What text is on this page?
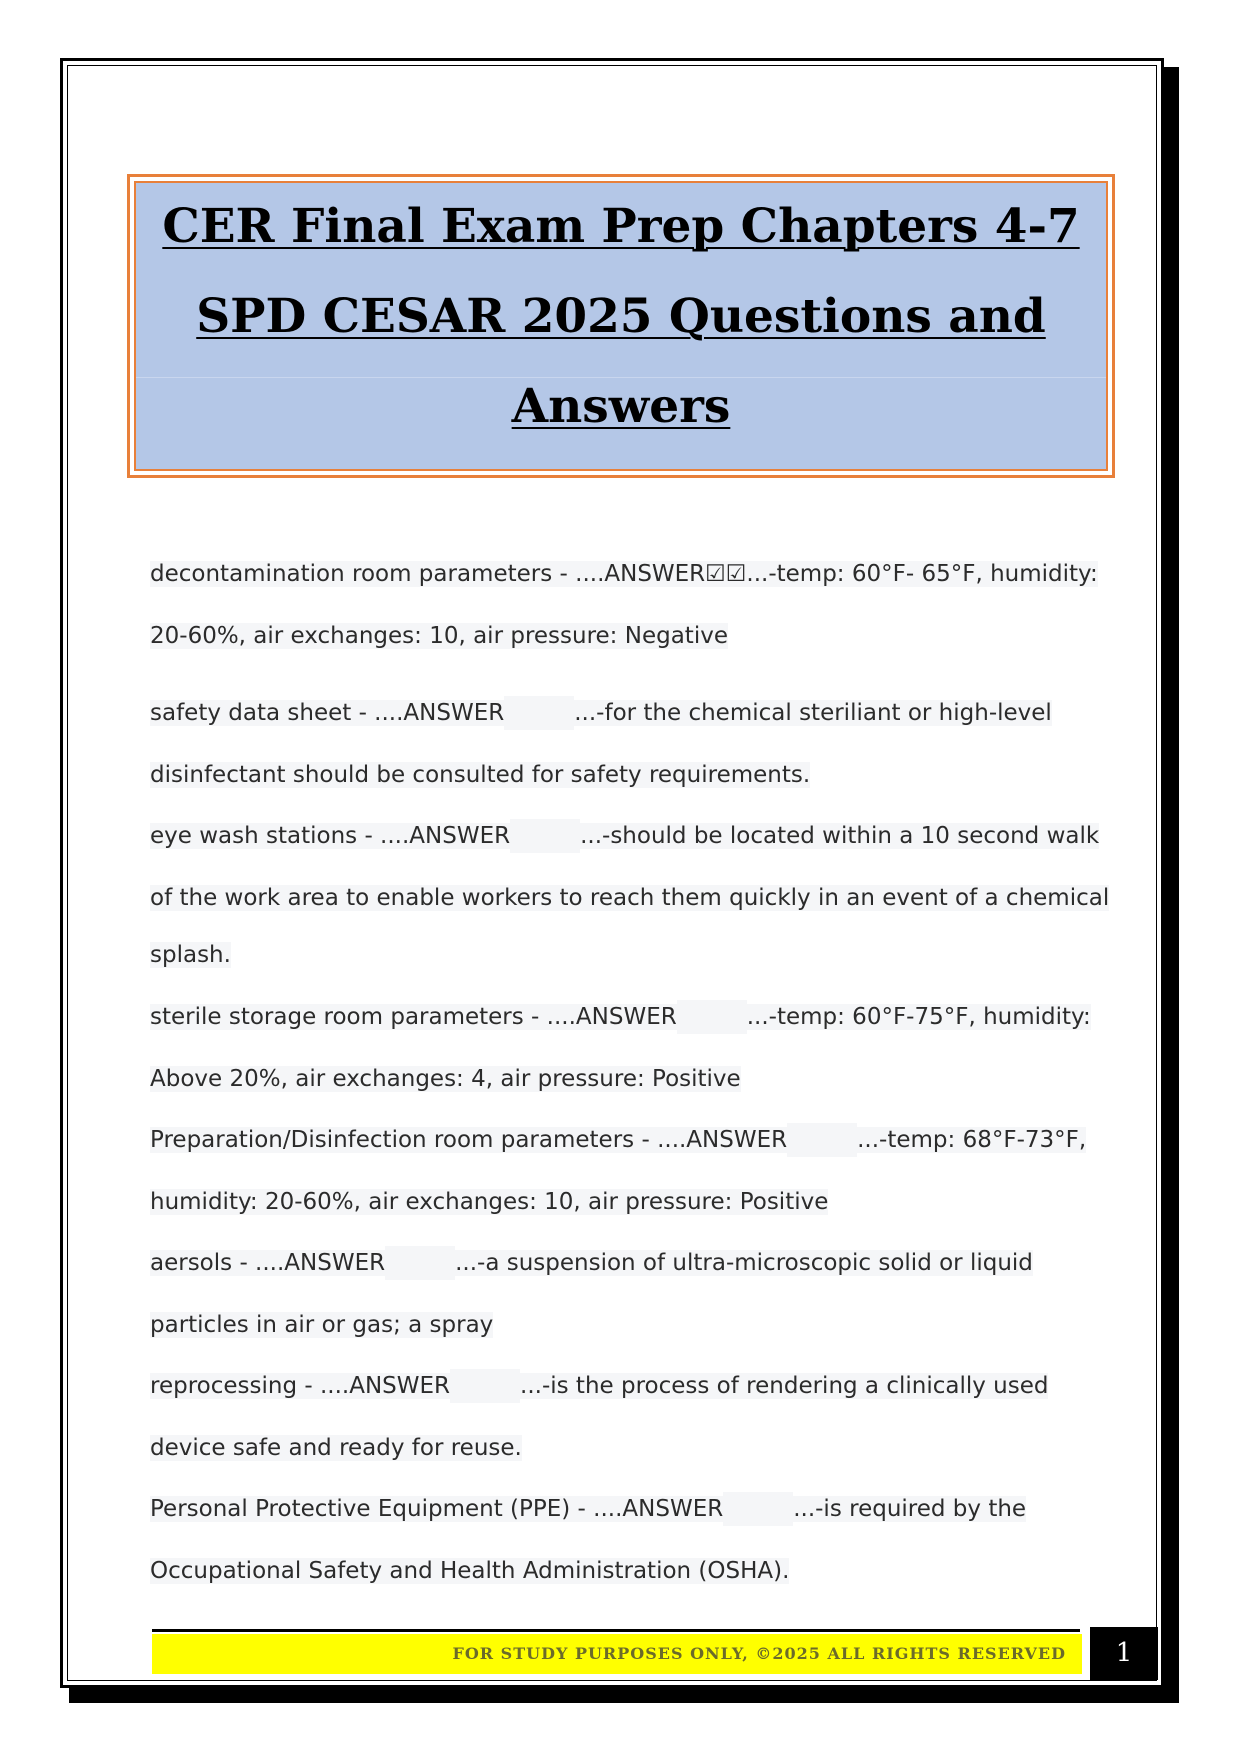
CER Final Exam Prep Chapters 4-7
SPD CESAR 2025 Questions and
Answers
decontamination room parameters - ....ANSWER☑☑...-temp: 60°F- 65°F, humidity:
20-60%, air exchanges: 10, air pressure: Negative
safety data sheet - ....ANSWER	...-for the chemical steriliant or high-level
disinfectant should be consulted for safety requirements.
eye wash stations - ....ANSWER	...-should be located within a 10 second walk
of the work area to enable workers to reach them quickly in an event of a chemical
splash.
sterile storage room parameters - ....ANSWER	...-temp: 60°F-75°F, humidity:
Above 20%, air exchanges: 4, air pressure: Positive
Preparation/Disinfection room parameters - ....ANSWER	...-temp: 68°F-73°F,
humidity: 20-60%, air exchanges: 10, air pressure: Positive
aersols - ....ANSWER	...-a suspension of ultra-microscopic solid or liquid
particles in air or gas; a spray
reprocessing - ....ANSWER	...-is the process of rendering a clinically used
device safe and ready for reuse.
Personal Protective Equipment (PPE) - ....ANSWER	...-is required by the
Occupational Safety and Health Administration (OSHA).
FOR STUDY PURPOSES ONLY, ©2025 ALL RIGHTS RESERVED	1
